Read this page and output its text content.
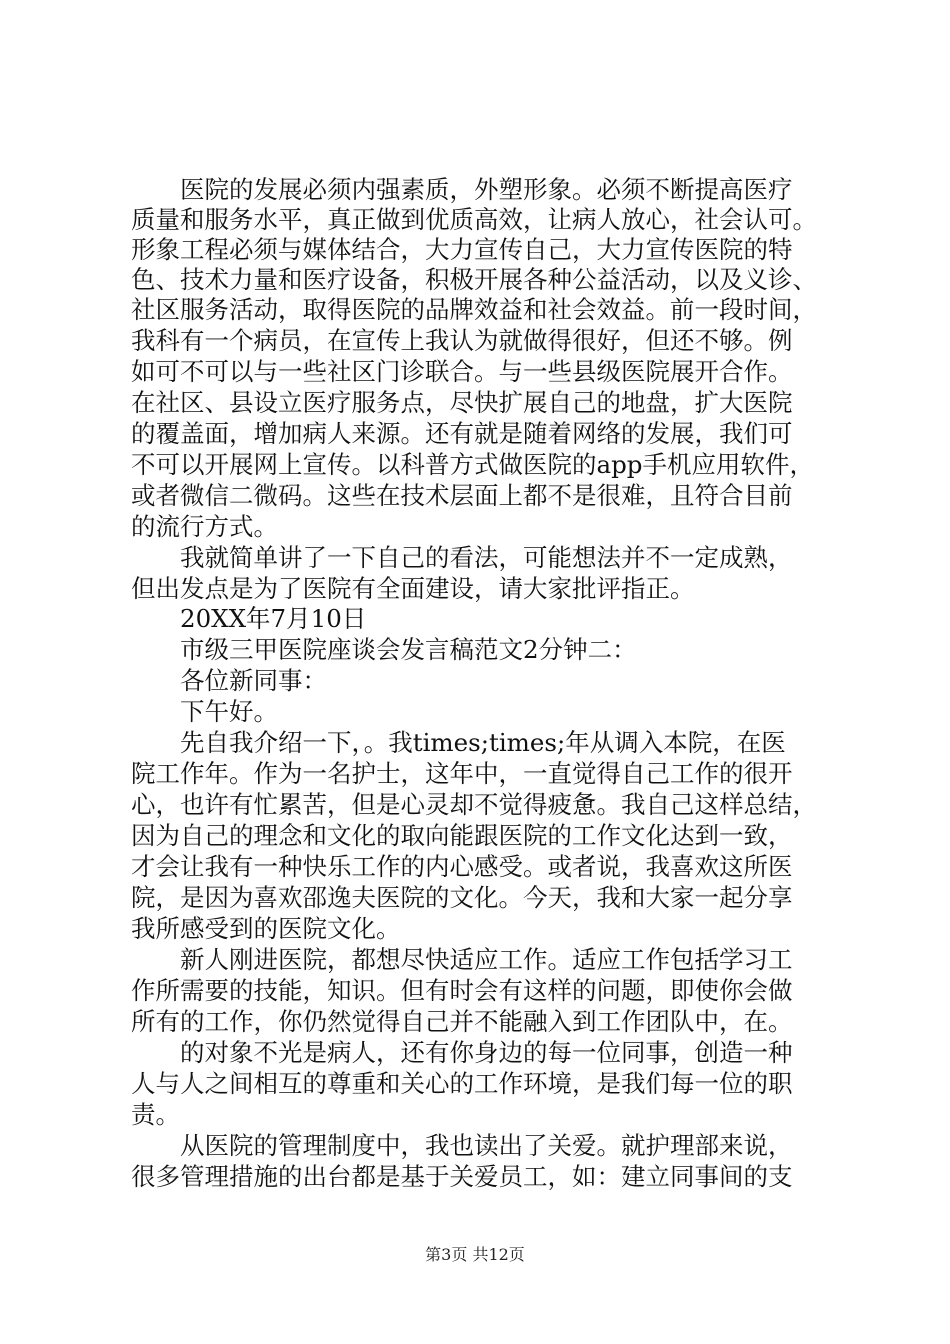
医院的发展必须内强素质，外塑形象。必须不断提高医疗
质量和服务水平，真正做到优质高效，让病人放心，社会认可。
形象工程必须与媒体结合，大力宣传自己，大力宣传医院的特
色、技术力量和医疗设备，积极开展各种公益活动，以及义诊、
社区服务活动，取得医院的品牌效益和社会效益。前一段时间，
我科有一个病员，在宣传上我认为就做得很好，但还不够。例
如可不可以与一些社区门诊联合。与一些县级医院展开合作。
在社区、县设立医疗服务点，尽快扩展自己的地盘，扩大医院
的覆盖面，增加病人来源。还有就是随着网络的发展，我们可
不可以开展网上宣传。以科普方式做医院的app手机应用软件，
或者微信二微码。这些在技术层面上都不是很难，且符合目前
的流行方式。
我就简单讲了一下自己的看法，可能想法并不一定成熟，
但出发点是为了医院有全面建设，请大家批评指正。
20XX年7月10日
市级三甲医院座谈会发言稿范文2分钟二：
各位新同事：
下午好。
先自我介绍一下，。我times;times;年从调入本院，在医
院工作年。作为一名护士，这年中，一直觉得自己工作的很开
心，也许有忙累苦，但是心灵却不觉得疲惫。我自己这样总结，
因为自己的理念和文化的取向能跟医院的工作文化达到一致，
才会让我有一种快乐工作的内心感受。或者说，我喜欢这所医
院，是因为喜欢邵逸夫医院的文化。今天，我和大家一起分享
我所感受到的医院文化。
新人刚进医院，都想尽快适应工作。适应工作包括学习工
作所需要的技能，知识。但有时会有这样的问题，即使你会做
所有的工作，你仍然觉得自己并不能融入到工作团队中，在。
的对象不光是病人，还有你身边的每一位同事，创造一种
人与人之间相互的尊重和关心的工作环境，是我们每一位的职
责。
从医院的管理制度中，我也读出了关爱。就护理部来说，
很多管理措施的出台都是基于关爱员工，如：建立同事间的支
第3页 共12页
